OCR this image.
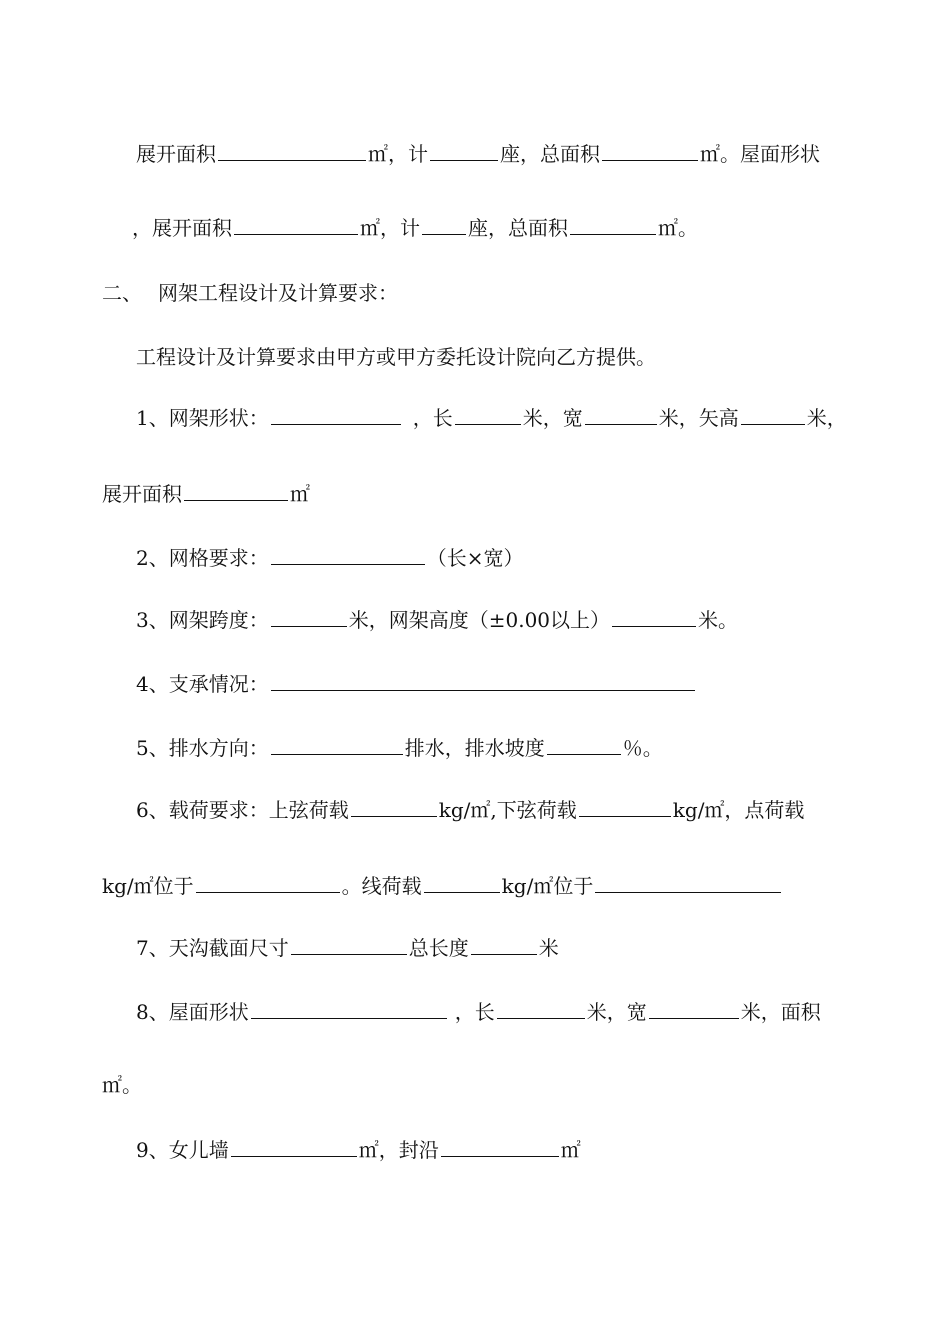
展开面积	㎡，计	座，总面积	㎡。屋面形状
，展开面积	㎡，计 座，总面积	㎡。
二、 网架工程设计及计算要求：
工程设计及计算要求由甲方或甲方委托设计院向乙方提供。
1、网架形状：	，长	米，宽	米，矢高	米，
展开面积	㎡
2、网格要求：	（长×宽）
3、网架跨度：	米，网架高度（±0.00以上）	米。
4、支承情况：
5、排水方向：	排水，排水坡度	％。
6、载荷要求：上弦荷载	kg/㎡,下弦荷载	kg/㎡，点荷载
kg/㎡位于	。线荷载	kg/㎡位于
7、天沟截面尺寸	总长度	米
8、屋面形状	，长	米，宽	米，面积
㎡。
9、女儿墙	㎡，封沿	㎡
